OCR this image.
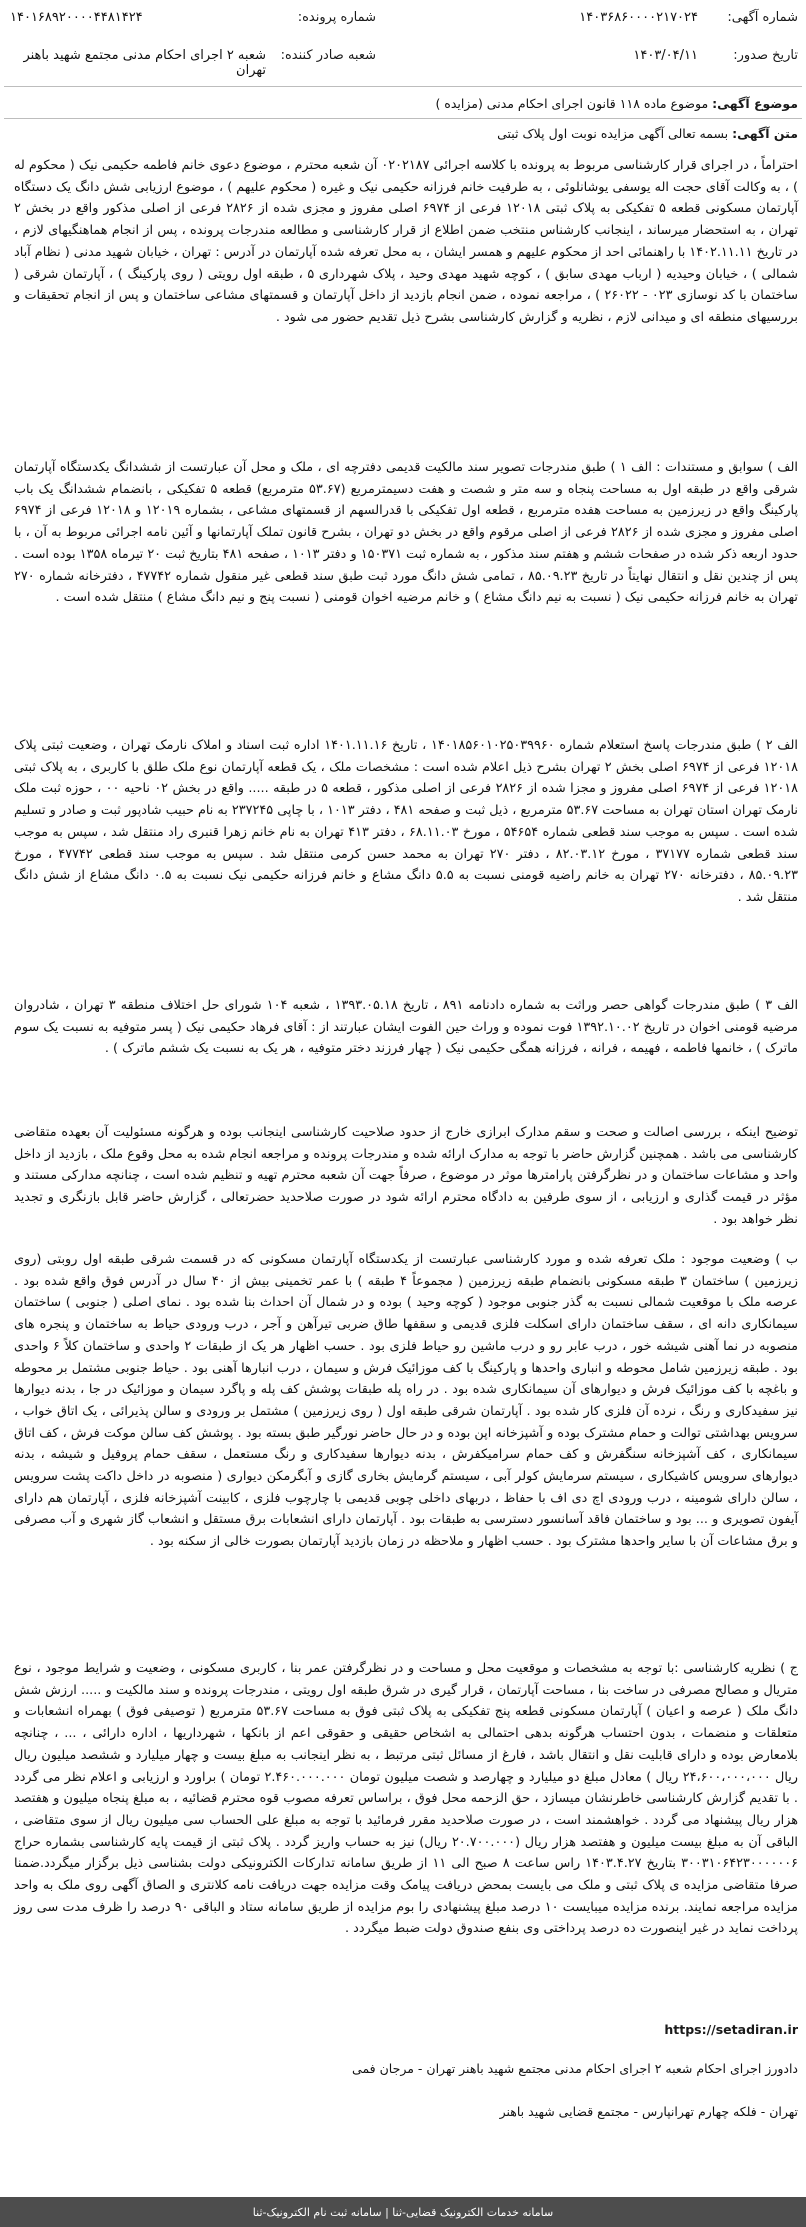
شماره آگهی:
۱۴۰۳۶۸۶۰۰۰۰۲۱۷۰۲۴
شماره پرونده:
۱۴۰۱۶۸۹۲۰۰۰۰۴۴۸۱۴۲۴
تاریخ صدور:
۱۴۰۳/۰۴/۱۱
شعبه صادر کننده:
شعبه ۲ اجرای احکام مدنی مجتمع شهید باهنر تهران
موضوع آگهی: موضوع ماده ۱۱۸ قانون اجرای احکام مدنی (مزایده )
متن آگهی: بسمه تعالی آگهی مزایده نوبت اول پلاک ثبتی
احتراماً ، در اجرای قرار کارشناسی مربوط به پرونده با کلاسه اجرائی ۰۲۰۲۱۸۷ آن شعبه محترم ، موضوع دعوی خانم فاطمه حکیمی نیک ( محکوم له ) ، به وکالت آقای حجت اله یوسفی یوشانلوئی ، به طرفیت خانم فرزانه حکیمی نیک و غیره ( محکوم علیهم ) ، موضوع ارزیابی شش دانگ یک دستگاه آپارتمان مسکونی قطعه ۵ تفکیکی به پلاک ثبتی ۱۲۰۱۸ فرعی از ۶۹۷۴ اصلی مفروز و مجزی شده از ۲۸۲۶ فرعی از اصلی مذکور واقع در بخش ۲ تهران ، به استحضار میرساند ، اینجانب کارشناس منتخب ضمن اطلاع از قرار کارشناسی و مطالعه مندرجات پرونده ، پس از انجام هماهنگیهای لازم ، در تاریخ ۱۴۰۲.۱۱.۱۱ با راهنمائی احد از محکوم علیهم و همسر ایشان ، به محل تعرفه شده آپارتمان در آدرس : تهران ، خیابان شهید مدنی ( نظام آباد شمالی ) ، خیابان وحیدیه ( ارباب مهدی سابق ) ، کوچه شهید مهدی وحید ، پلاک شهرداری ۵ ، طبقه اول رویتی ( روی پارکینگ ) ، آپارتمان شرقی ( ساختمان با کد نوسازی ۰۲۳ - ۲۶۰۲۲ ) ، مراجعه نموده ، ضمن انجام بازدید از داخل آپارتمان و قسمتهای مشاعی ساختمان و پس از انجام تحقیقات و بررسیهای منطقه ای و میدانی لازم ، نظریه و گزارش کارشناسی بشرح ذیل تقدیم حضور می شود .
الف ) سوابق و مستندات : الف ۱ ) طبق مندرجات تصویر سند مالکیت قدیمی دفترچه ای ، ملک و محل آن عبارتست از ششدانگ یکدستگاه آپارتمان شرقی واقع در طبقه اول به مساحت پنجاه و سه متر و شصت و هفت دسیمترمربع (۵۳.۶۷ مترمربع) قطعه ۵ تفکیکی ، بانضمام ششدانگ یک باب پارکینگ واقع در زیرزمین به مساحت هفده مترمربع ، قطعه اول تفکیکی با قدرالسهم از قسمتهای مشاعی ، بشماره ۱۲۰۱۹ و ۱۲۰۱۸ فرعی از ۶۹۷۴ اصلی مفروز و مجزی شده از ۲۸۲۶ فرعی از اصلی مرقوم واقع در بخش دو تهران ، بشرح قانون تملک آپارتمانها و آئین نامه اجرائی مربوط به آن ، با حدود اربعه ذکر شده در صفحات ششم و هفتم سند مذکور ، به شماره ثبت ۱۵۰۳۷۱ و دفتر ۱۰۱۳ ، صفحه ۴۸۱ بتاریخ ثبت ۲۰ تیرماه ۱۳۵۸ بوده است . پس از چندین نقل و انتقال نهایتاً در تاریخ ۸۵.۰۹.۲۳ ، تمامی شش دانگ مورد ثبت طبق سند قطعی غیر منقول شماره ۴۷۷۴۲ ، دفترخانه شماره ۲۷۰ تهران به خانم فرزانه حکیمی نیک ( نسبت به نیم دانگ مشاع ) و خانم مرضیه اخوان قومنی ( نسبت پنج و نیم دانگ مشاع ) منتقل شده است .
الف ۲ ) طبق مندرجات پاسخ استعلام شماره ۱۴۰۱۸۵۶۰۱۰۲۵۰۳۹۹۶۰ ، تاریخ ۱۴۰۱.۱۱.۱۶ اداره ثبت اسناد و املاک نارمک تهران ، وضعیت ثبتی پلاک ۱۲۰۱۸ فرعی از ۶۹۷۴ اصلی بخش ۲ تهران بشرح ذیل اعلام شده است : مشخصات ملک ، یک قطعه آپارتمان نوع ملک طلق با کاربری ، به پلاک ثبتی ۱۲۰۱۸ فرعی از ۶۹۷۴ اصلی مفروز و مجزا شده از ۲۸۲۶ فرعی از اصلی مذکور ، قطعه ۵ در طبقه ..... واقع در بخش ۰۲ ناحیه ۰۰ ، حوزه ثبت ملک نارمک تهران استان تهران به مساحت ۵۳.۶۷ مترمربع ، ذیل ثبت و صفحه ۴۸۱ ، دفتر ۱۰۱۳ ، با چاپی ۲۳۷۲۴۵ به نام حبیب شادپور ثبت و صادر و تسلیم شده است . سپس به موجب سند قطعی شماره ۵۴۶۵۴ ، مورخ ۶۸.۱۱.۰۳ ، دفتر ۴۱۳ تهران به نام خانم زهرا قنبری راد منتقل شد ، سپس به موجب سند قطعی شماره ۳۷۱۷۷ ، مورخ ۸۲.۰۳.۱۲ ، دفتر ۲۷۰ تهران به محمد حسن کرمی منتقل شد . سپس به موجب سند قطعی ۴۷۷۴۲ ، مورخ ۸۵.۰۹.۲۳ ، دفترخانه ۲۷۰ تهران به خانم راضیه قومنی نسبت به ۵.۵ دانگ مشاع و خانم فرزانه حکیمی نیک نسبت به ۰.۵ دانگ مشاع از شش دانگ منتقل شد .
الف ۳ ) طبق مندرجات گواهی حصر وراثت به شماره دادنامه ۸۹۱ ، تاریخ ۱۳۹۳.۰۵.۱۸ ، شعبه ۱۰۴ شورای حل اختلاف منطقه ۳ تهران ، شادروان مرضیه قومنی اخوان در تاریخ ۱۳۹۲.۱۰.۰۲ فوت نموده و وراث حین الفوت ایشان عبارتند از : آقای فرهاد حکیمی نیک ( پسر متوفیه به نسبت یک سوم ماترک ) ، خانمها فاطمه ، فهیمه ، فرانه ، فرزانه همگی حکیمی نیک ( چهار فرزند دختر متوفیه ، هر یک به نسبت یک ششم ماترک ) .
توضیح اینکه ، بررسی اصالت و صحت و سقم مدارک ابرازی خارج از حدود صلاحیت کارشناسی اینجانب بوده و هرگونه مسئولیت آن بعهده متقاضی کارشناسی می باشد . همچنین گزارش حاضر با توجه به مدارک ارائه شده و مندرجات پرونده و مراجعه انجام شده به محل وقوع ملک ، بازدید از داخل واحد و مشاعات ساختمان و در نظرگرفتن پارامترها موثر در موضوع ، صرفاً جهت آن شعبه محترم تهیه و تنظیم شده است ، چنانچه مدارکی مستند و مؤثر در قیمت گذاری و ارزیابی ، از سوی طرفین به دادگاه محترم ارائه شود در صورت صلاحدید حضرتعالی ، گزارش حاضر قابل بازنگری و تجدید نظر خواهد بود .
ب ) وضعیت موجود : ملک تعرفه شده و مورد کارشناسی عبارتست از یکدستگاه آپارتمان مسکونی که در قسمت شرقی طبقه اول روبتی (روی زیرزمین ) ساختمان ۳ طبقه مسکونی بانضمام طبقه زیرزمین ( مجموعاً ۴ طبقه ) با عمر تخمینی بیش از ۴۰ سال در آدرس فوق واقع شده بود . عرصه ملک با موقعیت شمالی نسبت به گذر جنوبی موجود ( کوچه وحید ) بوده و در شمال آن احداث بنا شده بود . نمای اصلی ( جنوبی ) ساختمان سیمانکاری دانه ای ، سقف ساختمان دارای اسکلت فلزی قدیمی و سقفها طاق ضربی تیرآهن و آجر ، درب ورودی حیاط به ساختمان و پنجره های منصوبه در نما آهنی شیشه خور ، درب عابر رو و درب ماشین رو حیاط فلزی بود . حسب اظهار هر یک از طبقات ۲ واحدی و ساختمان کلاً ۶ واحدی بود . طبقه زیرزمین شامل محوطه و انباری واحدها و پارکینگ با کف موزائیک فرش و سیمان ، درب انبارها آهنی بود . حیاط جنوبی مشتمل بر محوطه و باغچه با کف موزائیک فرش و دیوارهای آن سیمانکاری شده بود . در راه پله طبقات پوشش کف پله و پاگرد سیمان و موزائیک در جا ، بدنه دیوارها نیز سفیدکاری و رنگ ، نرده آن فلزی کار شده بود . آپارتمان شرقی طبقه اول ( روی زیرزمین ) مشتمل بر ورودی و سالن پذیرائی ، یک اتاق خواب ، سرویس بهداشتی توالت و حمام مشترک بوده و آشپزخانه اپن بوده و در حال حاضر نورگیر طبق بسته بود . پوشش کف سالن موکت فرش ، کف اتاق سیمانکاری ، کف آشپزخانه سنگفرش و کف حمام سرامیکفرش ، بدنه دیوارها سفیدکاری و رنگ مستعمل ، سقف حمام پروفیل و شیشه ، بدنه دیوارهای سرویس کاشیکاری ، سیستم سرمایش کولر آبی ، سیستم گرمایش بخاری گازی و آبگرمکن دیواری ( منصوبه در داخل داکت پشت سرویس ، سالن دارای شومینه ، درب ورودی اچ دی اف با حفاظ ، دربهای داخلی چوبی قدیمی با چارچوب فلزی ، کابینت آشپزخانه فلزی ، آپارتمان هم دارای آیفون تصویری و ... بود و ساختمان فاقد آسانسور دسترسی به طبقات بود . آپارتمان دارای انشعابات برق مستقل و انشعاب گاز شهری و آب مصرفی و برق مشاعات آن با سایر واحدها مشترک بود . حسب اظهار و ملاحظه در زمان بازدید آپارتمان بصورت خالی از سکنه بود .
ج ) نظریه کارشناسی :با توجه به مشخصات و موقعیت محل و مساحت و در نظرگرفتن عمر بنا ، کاربری مسکونی ، وضعیت و شرایط موجود ، نوع متریال و مصالح مصرفی در ساخت بنا ، مساحت آپارتمان ، قرار گیری در شرق طبقه اول رویتی ، مندرجات پرونده و سند مالکیت و ..... ارزش شش دانگ ملک ( عرصه و اعیان ) آپارتمان مسکونی قطعه پنج تفکیکی به پلاک ثبتی فوق به مساحت ۵۳.۶۷ مترمربع ( توصیفی فوق ) بهمراه انشعابات و متعلقات و منضمات ، بدون احتساب هرگونه بدهی احتمالی به اشخاص حقیقی و حقوقی اعم از بانکها ، شهرداریها ، اداره دارائی ، ... ، چنانچه بلامعارض بوده و دارای قابلیت نقل و انتقال باشد ، فارغ از مسائل ثبتی مرتبط ، به نظر اینجانب به مبلغ بیست و چهار میلیارد و ششصد میلیون ریال ریال ۲۴،۶۰۰،۰۰۰،۰۰۰ ریال ) معادل مبلغ دو میلیارد و چهارصد و شصت میلیون تومان ۲.۴۶۰.۰۰۰.۰۰۰ تومان ) براورد و ارزیابی و اعلام نظر می گردد . با تقدیم گزارش کارشناسی خاطرنشان میسازد ، حق الزحمه محل فوق ، براساس تعرفه مصوب قوه محترم قضائیه ، به مبلغ پنجاه میلیون و هفتصد هزار ریال پیشنهاد می گردد . خواهشمند است ، در صورت صلاحدید مقرر فرمائید با توجه به مبلغ علی الحساب سی میلیون ریال از سوی متقاضی ، الباقی آن به مبلغ بیست میلیون و هفتصد هزار ریال (۲۰.۷۰۰.۰۰۰ ریال) نیز به حساب واریز گردد . پلاک ثبتی از قیمت پایه کارشناسی بشماره حراج ۳۰۰۳۱۰۶۴۲۳۰۰۰۰۰۰۶ بتاریخ ۱۴۰۳.۴.۲۷ راس ساعت ۸ صبح الی ۱۱ از طریق سامانه تدارکات الکترونیکی دولت بشناسی ذیل برگزار میگردد.ضمنا صرفا متقاضی مزایده ی پلاک ثبتی و ملک می بایست بمحض دریافت پیامک وقت مزایده جهت دریافت نامه کلانتری و الصاق آگهی روی ملک به واحد مزایده مراجعه نمایند. برنده مزایده میبایست ۱۰ درصد مبلغ پیشنهادی را بوم مزایده از طریق سامانه ستاد و الباقی ۹۰ درصد را ظرف مدت سی روز پرداخت نماید در غیر اینصورت ده درصد پرداختی وی بنفع صندوق دولت ضبط میگردد .
https://setadiran.ir
دادورز اجرای احکام شعبه ۲ اجرای احکام مدنی مجتمع شهید باهنر تهران - مرجان فمی
تهران - فلکه چهارم تهرانپارس - مجتمع قضایی شهید باهنر
سامانه خدمات الکترونیک قضایی-ثنا | سامانه ثبت نام الکترونیک-ثنا
